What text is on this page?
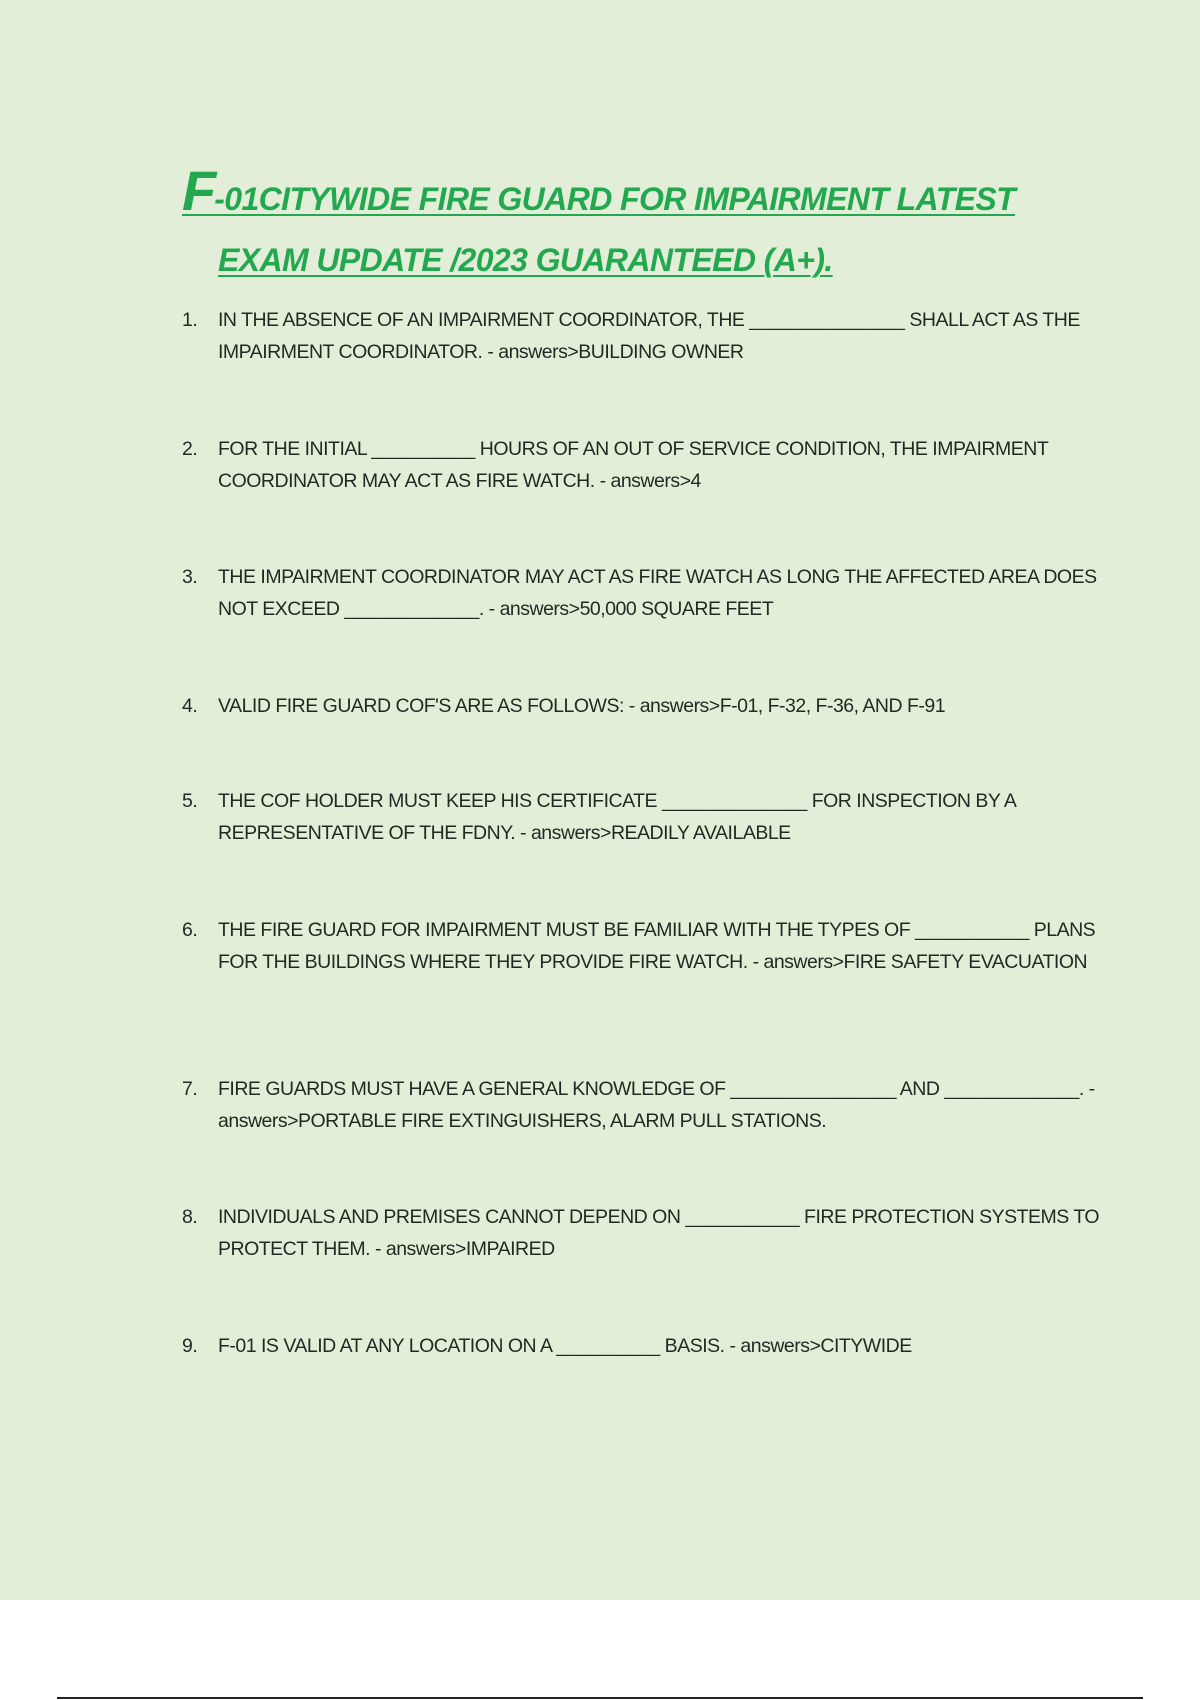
F-01CITYWIDE FIRE GUARD FOR IMPAIRMENT LATEST
EXAM UPDATE /2023 GUARANTEED (A+).
1.	IN THE ABSENCE OF AN IMPAIRMENT COORDINATOR, THE _______________ SHALL ACT AS THE IMPAIRMENT COORDINATOR. - answers>BUILDING OWNER
2.	FOR THE INITIAL __________ HOURS OF AN OUT OF SERVICE CONDITION, THE IMPAIRMENT COORDINATOR MAY ACT AS FIRE WATCH. - answers>4
3.	THE IMPAIRMENT COORDINATOR MAY ACT AS FIRE WATCH AS LONG THE AFFECTED AREA DOES NOT EXCEED _____________. - answers>50,000 SQUARE FEET
4.	VALID FIRE GUARD COF'S ARE AS FOLLOWS: - answers>F-01, F-32, F-36, AND F-91
5.	THE COF HOLDER MUST KEEP HIS CERTIFICATE ______________ FOR INSPECTION BY A REPRESENTATIVE OF THE FDNY. - answers>READILY AVAILABLE
6.	THE FIRE GUARD FOR IMPAIRMENT MUST BE FAMILIAR WITH THE TYPES OF ___________ PLANS FOR THE BUILDINGS WHERE THEY PROVIDE FIRE WATCH. - answers>FIRE SAFETY EVACUATION
7.	FIRE GUARDS MUST HAVE A GENERAL KNOWLEDGE OF ________________ AND _____________. - answers>PORTABLE FIRE EXTINGUISHERS, ALARM PULL STATIONS.
8.	INDIVIDUALS AND PREMISES CANNOT DEPEND ON ___________ FIRE PROTECTION SYSTEMS TO PROTECT THEM. - answers>IMPAIRED
9.	F-01 IS VALID AT ANY LOCATION ON A __________ BASIS. - answers>CITYWIDE
